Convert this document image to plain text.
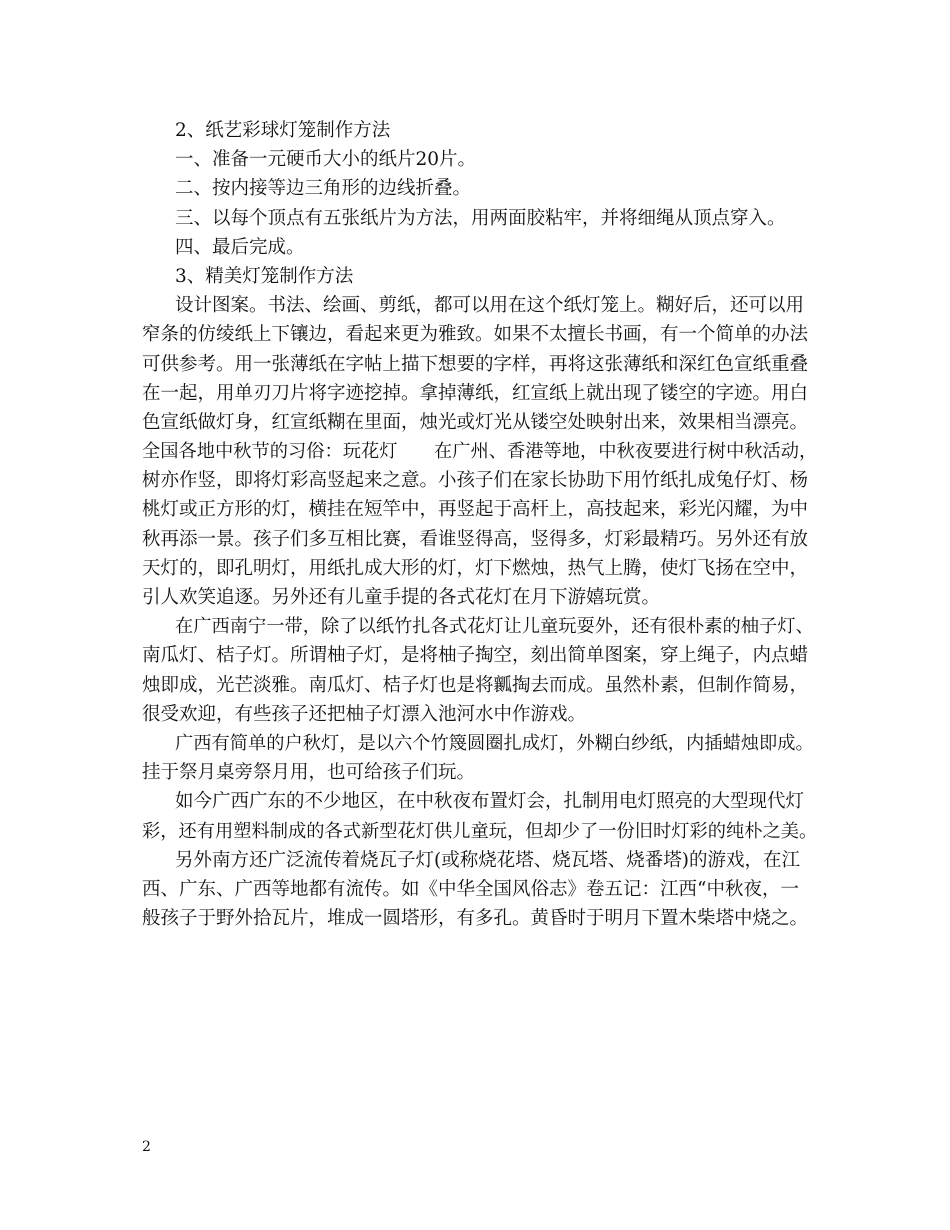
2、纸艺彩球灯笼制作方法

一、准备一元硬币大小的纸片20片。

二、按内接等边三角形的边线折叠。

三、以每个顶点有五张纸片为方法，用两面胶粘牢，并将细绳从顶点穿入。

四、最后完成。

3、精美灯笼制作方法

设计图案。书法、绘画、剪纸，都可以用在这个纸灯笼上。糊好后，还可以用

窄条的仿绫纸上下镶边，看起来更为雅致。如果不太擅长书画，有一个简单的办法

可供参考。用一张薄纸在字帖上描下想要的字样，再将这张薄纸和深红色宣纸重叠

在一起，用单刃刀片将字迹挖掉。拿掉薄纸，红宣纸上就出现了镂空的字迹。用白

色宣纸做灯身，红宣纸糊在里面，烛光或灯光从镂空处映射出来，效果相当漂亮。

全国各地中秋节的习俗：玩花灯　　在广州、香港等地，中秋夜要进行树中秋活动，

树亦作竖，即将灯彩高竖起来之意。小孩子们在家长协助下用竹纸扎成兔仔灯、杨

桃灯或正方形的灯，横挂在短竿中，再竖起于高杆上，高技起来，彩光闪耀，为中

秋再添一景。孩子们多互相比赛，看谁竖得高，竖得多，灯彩最精巧。另外还有放

天灯的，即孔明灯，用纸扎成大形的灯，灯下燃烛，热气上腾，使灯飞扬在空中，

引人欢笑追逐。另外还有儿童手提的各式花灯在月下游嬉玩赏。

在广西南宁一带，除了以纸竹扎各式花灯让儿童玩耍外，还有很朴素的柚子灯、

南瓜灯、桔子灯。所谓柚子灯，是将柚子掏空，刻出简单图案，穿上绳子，内点蜡

烛即成，光芒淡雅。南瓜灯、桔子灯也是将瓤掏去而成。虽然朴素，但制作简易，

很受欢迎，有些孩子还把柚子灯漂入池河水中作游戏。

广西有简单的户秋灯，是以六个竹篾圆圈扎成灯，外糊白纱纸，内插蜡烛即成。

挂于祭月桌旁祭月用，也可给孩子们玩。

如今广西广东的不少地区，在中秋夜布置灯会，扎制用电灯照亮的大型现代灯

彩，还有用塑料制成的各式新型花灯供儿童玩，但却少了一份旧时灯彩的纯朴之美。

另外南方还广泛流传着烧瓦子灯(或称烧花塔、烧瓦塔、烧番塔)的游戏，在江

西、广东、广西等地都有流传。如《中华全国风俗志》卷五记：江西“中秋夜，一

般孩子于野外拾瓦片，堆成一圆塔形，有多孔。黄昏时于明月下置木柴塔中烧之。

2
